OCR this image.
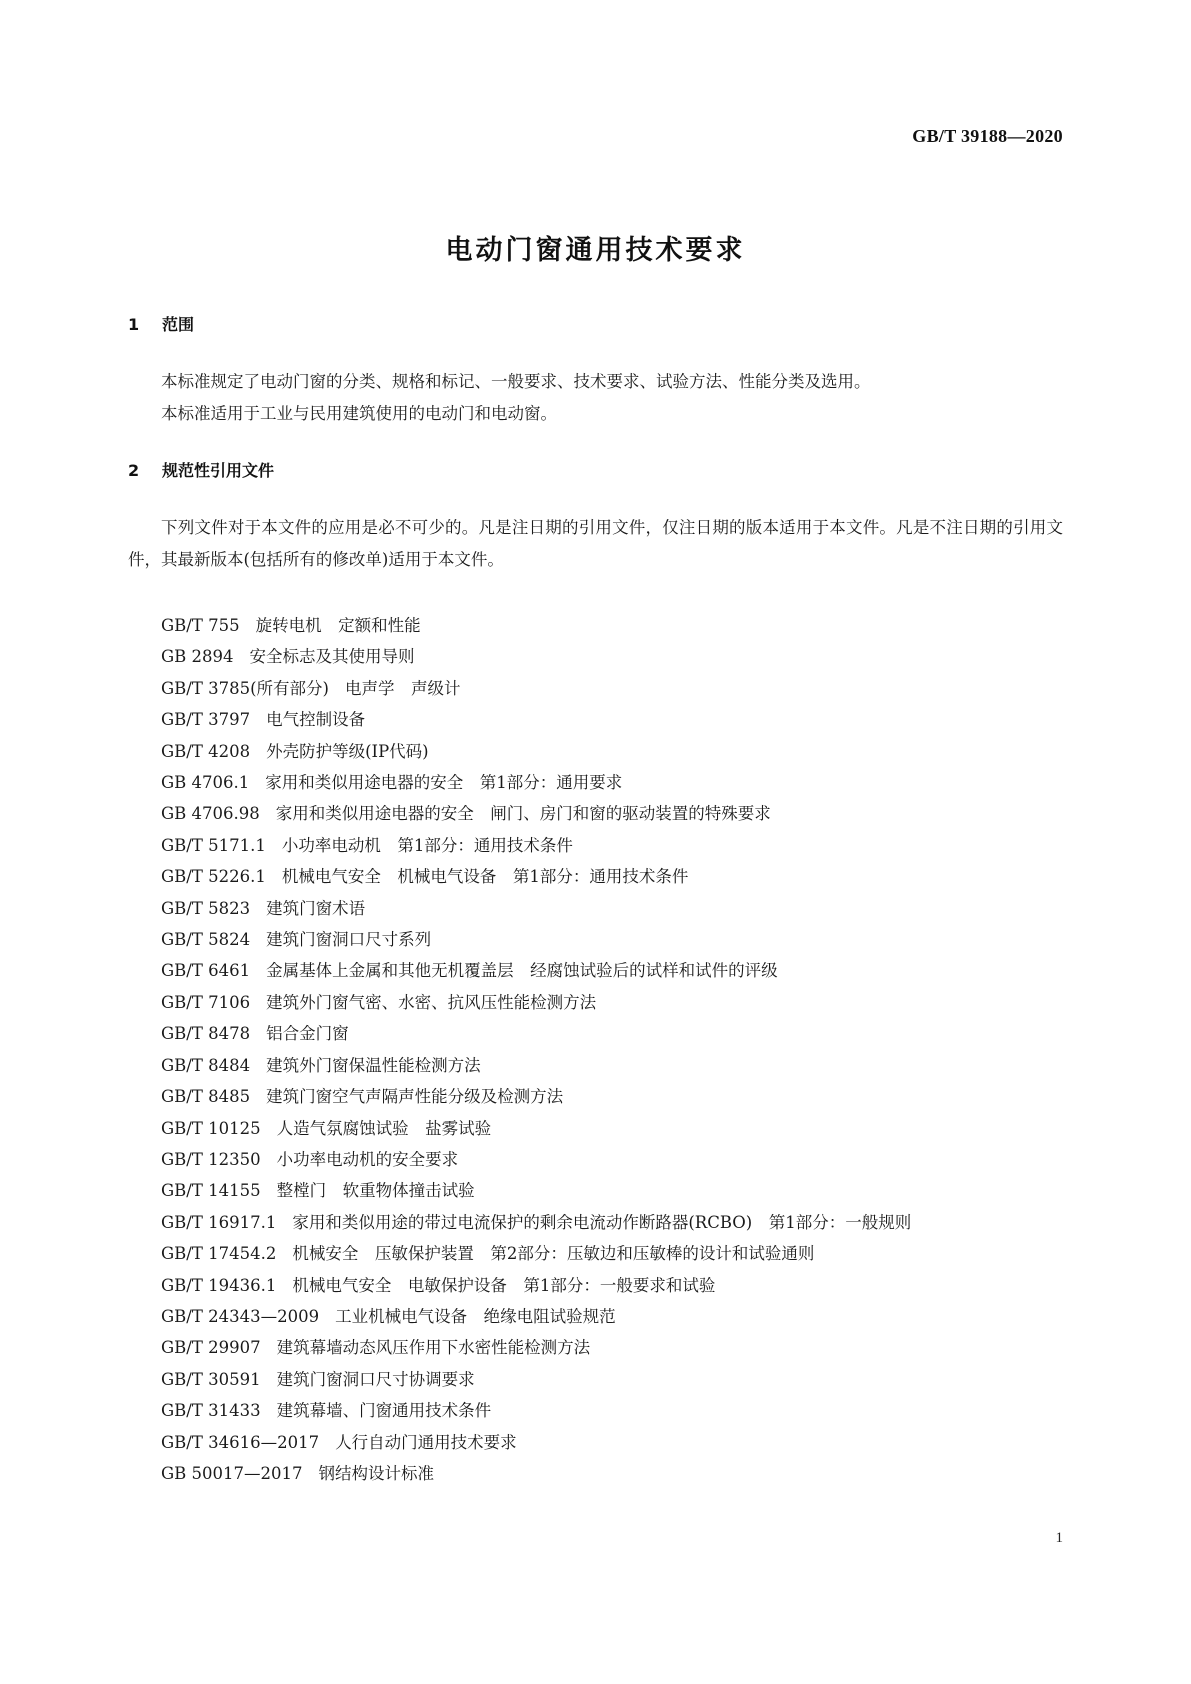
GB/T 39188—2020
电动门窗通用技术要求
1 范围
本标准规定了电动门窗的分类、规格和标记、一般要求、技术要求、试验方法、性能分类及选用。
本标准适用于工业与民用建筑使用的电动门和电动窗。
2 规范性引用文件
下列文件对于本文件的应用是必不可少的。凡是注日期的引用文件，仅注日期的版本适用于本文件。凡是不注日期的引用文件，其最新版本(包括所有的修改单)适用于本文件。
GB/T 755 旋转电机　定额和性能
GB 2894 安全标志及其使用导则
GB/T 3785(所有部分) 电声学　声级计
GB/T 3797 电气控制设备
GB/T 4208 外壳防护等级(IP代码)
GB 4706.1 家用和类似用途电器的安全　第1部分：通用要求
GB 4706.98 家用和类似用途电器的安全　闸门、房门和窗的驱动装置的特殊要求
GB/T 5171.1 小功率电动机　第1部分：通用技术条件
GB/T 5226.1 机械电气安全　机械电气设备　第1部分：通用技术条件
GB/T 5823 建筑门窗术语
GB/T 5824 建筑门窗洞口尺寸系列
GB/T 6461 金属基体上金属和其他无机覆盖层　经腐蚀试验后的试样和试件的评级
GB/T 7106 建筑外门窗气密、水密、抗风压性能检测方法
GB/T 8478 铝合金门窗
GB/T 8484 建筑外门窗保温性能检测方法
GB/T 8485 建筑门窗空气声隔声性能分级及检测方法
GB/T 10125 人造气氛腐蚀试验　盐雾试验
GB/T 12350 小功率电动机的安全要求
GB/T 14155 整樘门　软重物体撞击试验
GB/T 16917.1 家用和类似用途的带过电流保护的剩余电流动作断路器(RCBO)　第1部分：一般规则
GB/T 17454.2 机械安全　压敏保护装置　第2部分：压敏边和压敏棒的设计和试验通则
GB/T 19436.1 机械电气安全　电敏保护设备　第1部分：一般要求和试验
GB/T 24343—2009 工业机械电气设备　绝缘电阻试验规范
GB/T 29907 建筑幕墙动态风压作用下水密性能检测方法
GB/T 30591 建筑门窗洞口尺寸协调要求
GB/T 31433 建筑幕墙、门窗通用技术条件
GB/T 34616—2017 人行自动门通用技术要求
GB 50017—2017 钢结构设计标准
1
